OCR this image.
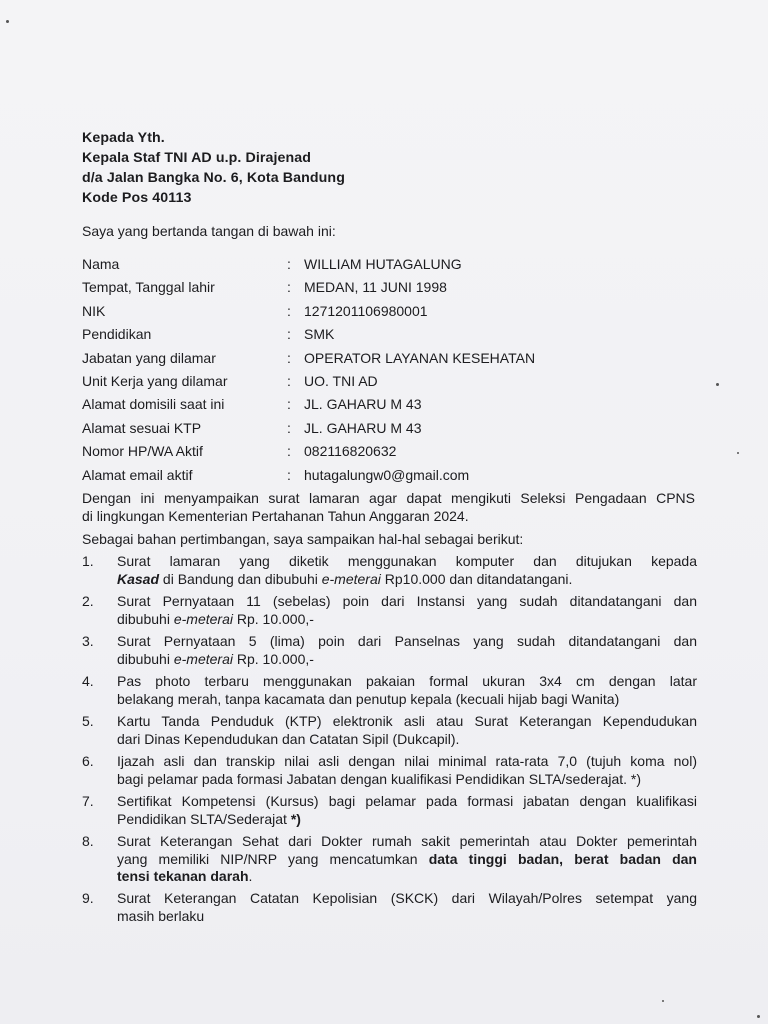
Kepada Yth.
Kepala Staf TNI AD u.p. Dirajenad
d/a Jalan Bangka No. 6, Kota Bandung
Kode Pos 40113
Saya yang bertanda tangan di bawah ini:
Nama	: WILLIAM HUTAGALUNG
Tempat, Tanggal lahir	: MEDAN, 11 JUNI 1998
NIK	: 1271201106980001
Pendidikan	: SMK
Jabatan yang dilamar	: OPERATOR LAYANAN KESEHATAN
Unit Kerja yang dilamar	: UO. TNI AD
Alamat domisili saat ini	: JL. GAHARU M 43
Alamat sesuai KTP	: JL. GAHARU M 43
Nomor HP/WA Aktif	: 082116820632
Alamat email aktif	: hutagalungw0@gmail.com
Dengan ini menyampaikan surat lamaran agar dapat mengikuti Seleksi Pengadaan CPNS
di lingkungan Kementerian Pertahanan Tahun Anggaran 2024.
Sebagai bahan pertimbangan, saya sampaikan hal-hal sebagai berikut:
1. Surat lamaran yang diketik menggunakan komputer dan ditujukan kepada
Kasad di Bandung dan dibubuhi e-meterai Rp10.000 dan ditandatangani.
2. Surat Pernyataan 11 (sebelas) poin dari Instansi yang sudah ditandatangani dan
dibubuhi e-meterai Rp. 10.000,-
3. Surat Pernyataan 5 (lima) poin dari Panselnas yang sudah ditandatangani dan
dibubuhi e-meterai Rp. 10.000,-
4. Pas photo terbaru menggunakan pakaian formal ukuran 3x4 cm dengan latar
belakang merah, tanpa kacamata dan penutup kepala (kecuali hijab bagi Wanita)
5. Kartu Tanda Penduduk (KTP) elektronik asli atau Surat Keterangan Kependudukan
dari Dinas Kependudukan dan Catatan Sipil (Dukcapil).
6. Ijazah asli dan transkip nilai asli dengan nilai minimal rata-rata 7,0 (tujuh koma nol)
bagi pelamar pada formasi Jabatan dengan kualifikasi Pendidikan SLTA/sederajat. *)
7. Sertifikat Kompetensi (Kursus) bagi pelamar pada formasi jabatan dengan kualifikasi
Pendidikan SLTA/Sederajat *)
8. Surat Keterangan Sehat dari Dokter rumah sakit pemerintah atau Dokter pemerintah
yang memiliki NIP/NRP yang mencatumkan data tinggi badan, berat badan dan
tensi tekanan darah.
9. Surat Keterangan Catatan Kepolisian (SKCK) dari Wilayah/Polres setempat yang
masih berlaku
